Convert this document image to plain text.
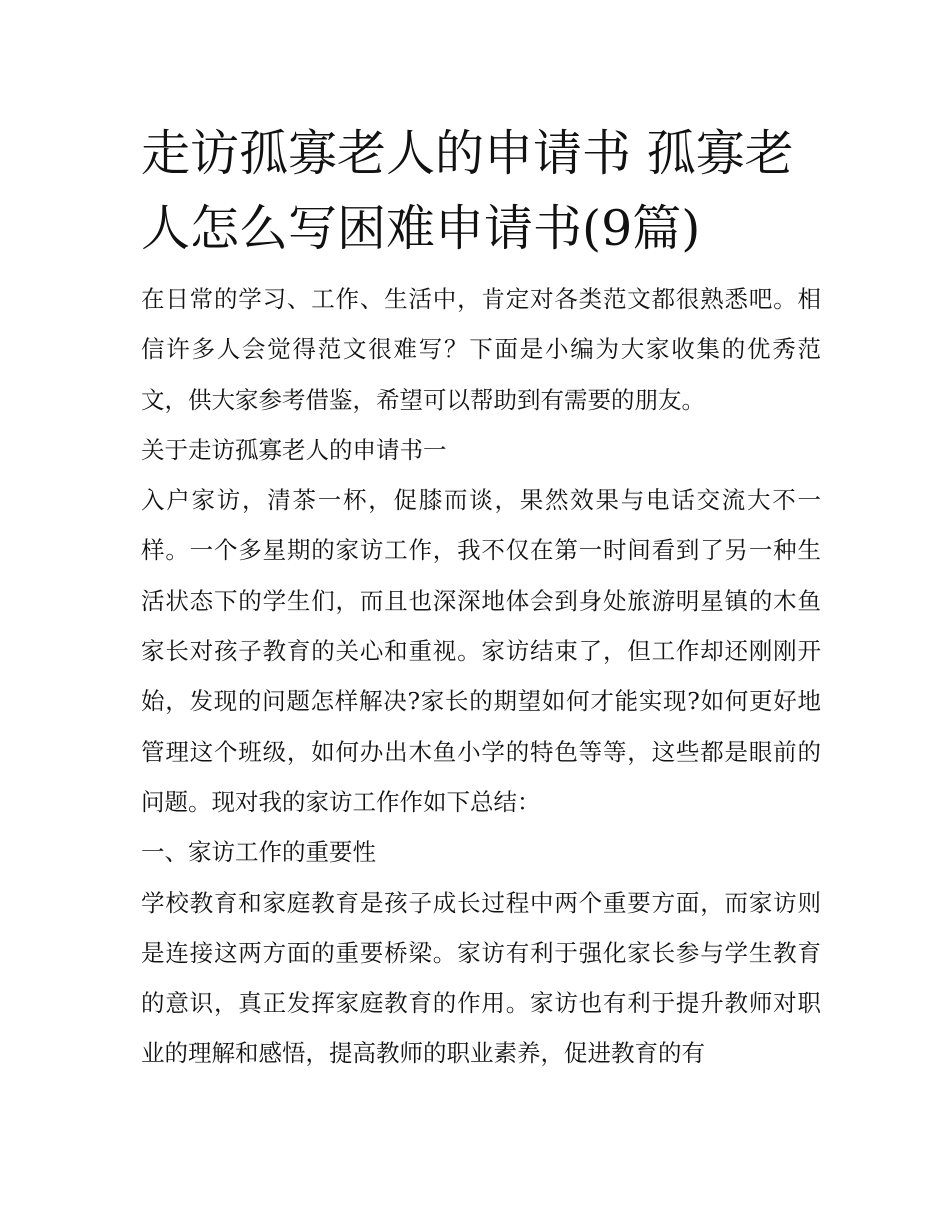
走访孤寡老人的申请书 孤寡老人怎么写困难申请书(9篇)

在日常的学习、工作、生活中，肯定对各类范文都很熟悉吧。相信许多人会觉得范文很难写？下面是小编为大家收集的优秀范文，供大家参考借鉴，希望可以帮助到有需要的朋友。

关于走访孤寡老人的申请书一

入户家访，清茶一杯，促膝而谈，果然效果与电话交流大不一样。一个多星期的家访工作，我不仅在第一时间看到了另一种生活状态下的学生们，而且也深深地体会到身处旅游明星镇的木鱼家长对孩子教育的关心和重视。家访结束了，但工作却还刚刚开始，发现的问题怎样解决?家长的期望如何才能实现?如何更好地管理这个班级，如何办出木鱼小学的特色等等，这些都是眼前的问题。现对我的家访工作作如下总结：

一、家访工作的重要性

学校教育和家庭教育是孩子成长过程中两个重要方面，而家访则是连接这两方面的重要桥梁。家访有利于强化家长参与学生教育的意识，真正发挥家庭教育的作用。家访也有利于提升教师对职业的理解和感悟，提高教师的职业素养，促进教育的有
